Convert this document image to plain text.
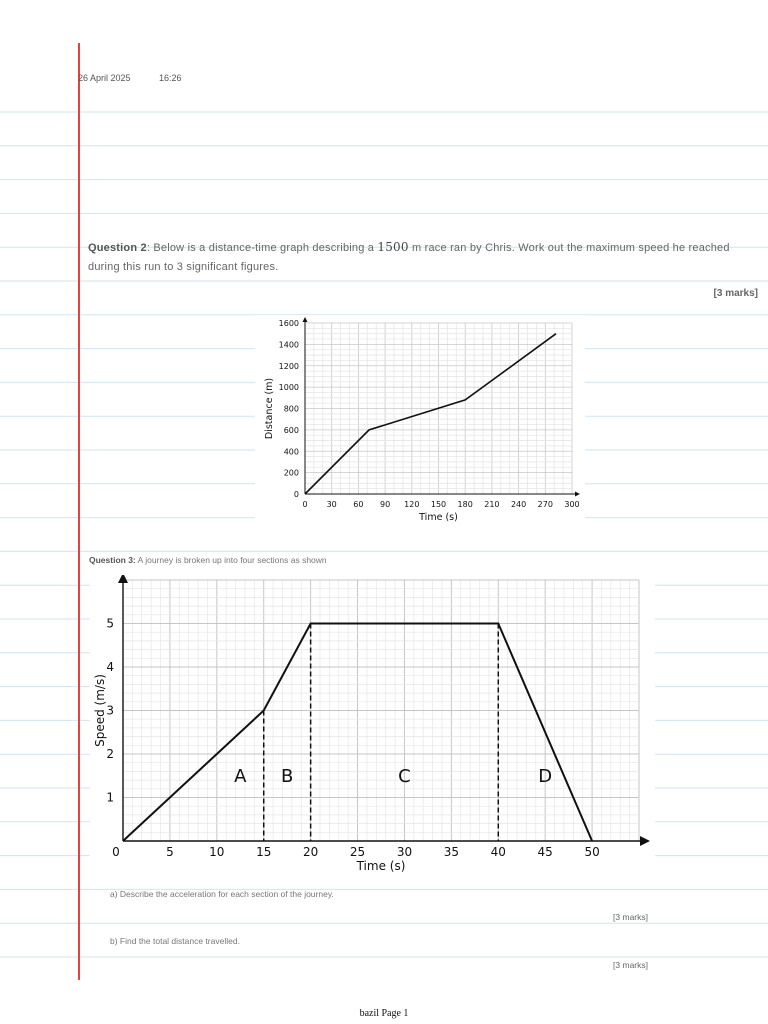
26 April 2025	16:26
Question 2: Below is a distance-time graph describing a 1500 m race ran by Chris. Work out the maximum speed he reached during this run to 3 significant figures.
[3 marks]
0 30 60 90 120 150 180 210 240 270 300
0
200
400
600
800
1000
1200
1400
1600
Time (s)
Distance (m)
Question 3: A journey is broken up into four sections as shown
0	5	10	15	20	25	30	35	40	45	50
1
2
3
4
5
Time (s)
Speed (m/s)
A B	C	D
a) Describe the acceleration for each section of the journey.
[3 marks]
b) Find the total distance travelled.
[3 marks]
bazil Page 1
